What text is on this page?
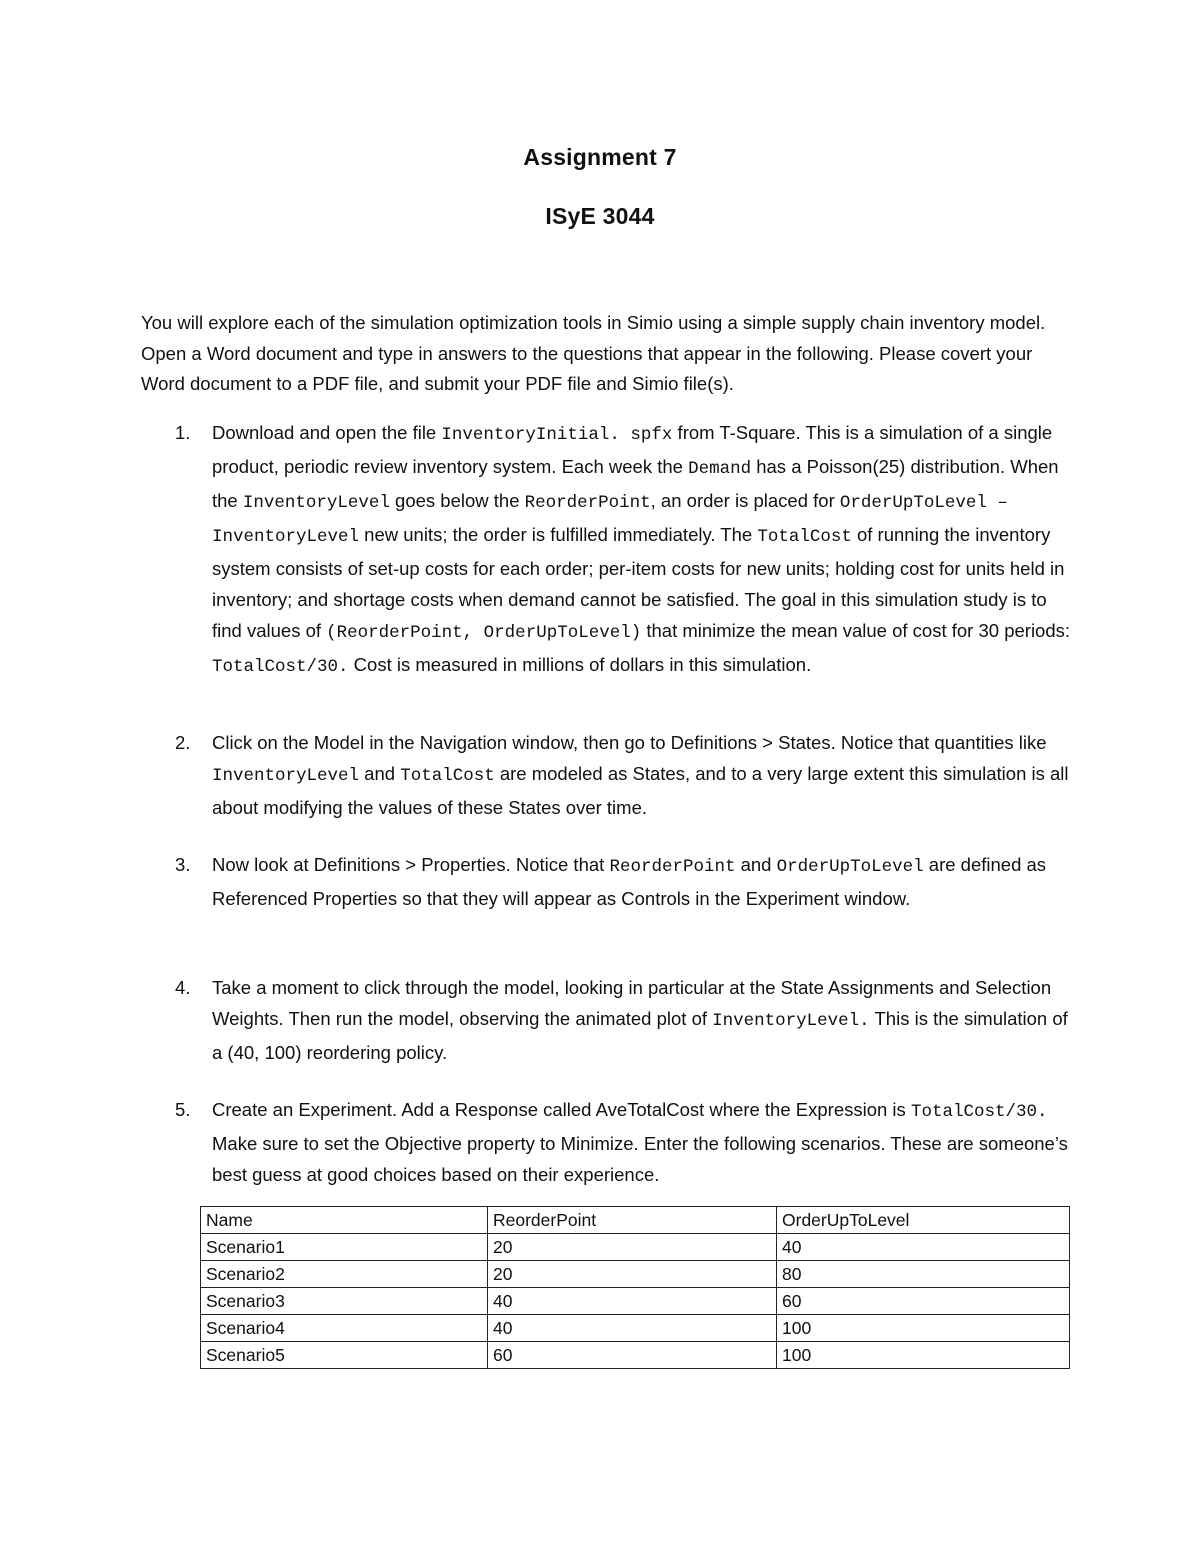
Assignment 7
ISyE 3044

You will explore each of the simulation optimization tools in Simio using a simple supply chain inventory model. Open a Word document and type in answers to the questions that appear in the following. Please covert your Word document to a PDF file, and submit your PDF file and Simio file(s).

1. Download and open the file InventoryInitial. spfx from T-Square. This is a simulation of a single product, periodic review inventory system. Each week the Demand has a Poisson(25) distribution. When the InventoryLevel goes below the ReorderPoint, an order is placed for OrderUpToLevel – InventoryLevel new units; the order is fulfilled immediately. The TotalCost of running the inventory system consists of set-up costs for each order; per-item costs for new units; holding cost for units held in inventory; and shortage costs when demand cannot be satisfied. The goal in this simulation study is to find values of (ReorderPoint, OrderUpToLevel) that minimize the mean value of cost for 30 periods: TotalCost/30. Cost is measured in millions of dollars in this simulation.
2. Click on the Model in the Navigation window, then go to Definitions > States. Notice that quantities like InventoryLevel and TotalCost are modeled as States, and to a very large extent this simulation is all about modifying the values of these States over time.
3. Now look at Definitions > Properties. Notice that ReorderPoint and OrderUpToLevel are defined as Referenced Properties so that they will appear as Controls in the Experiment window.
4. Take a moment to click through the model, looking in particular at the State Assignments and Selection Weights. Then run the model, observing the animated plot of InventoryLevel. This is the simulation of a (40, 100) reordering policy.
5. Create an Experiment. Add a Response called AveTotalCost where the Expression is TotalCost/30. Make sure to set the Objective property to Minimize. Enter the following scenarios. These are someone’s best guess at good choices based on their experience.
Name	ReorderPoint	OrderUpToLevel
Scenario1	20	40
Scenario2	20	80
Scenario3	40	60
Scenario4	40	100
Scenario5	60	100
